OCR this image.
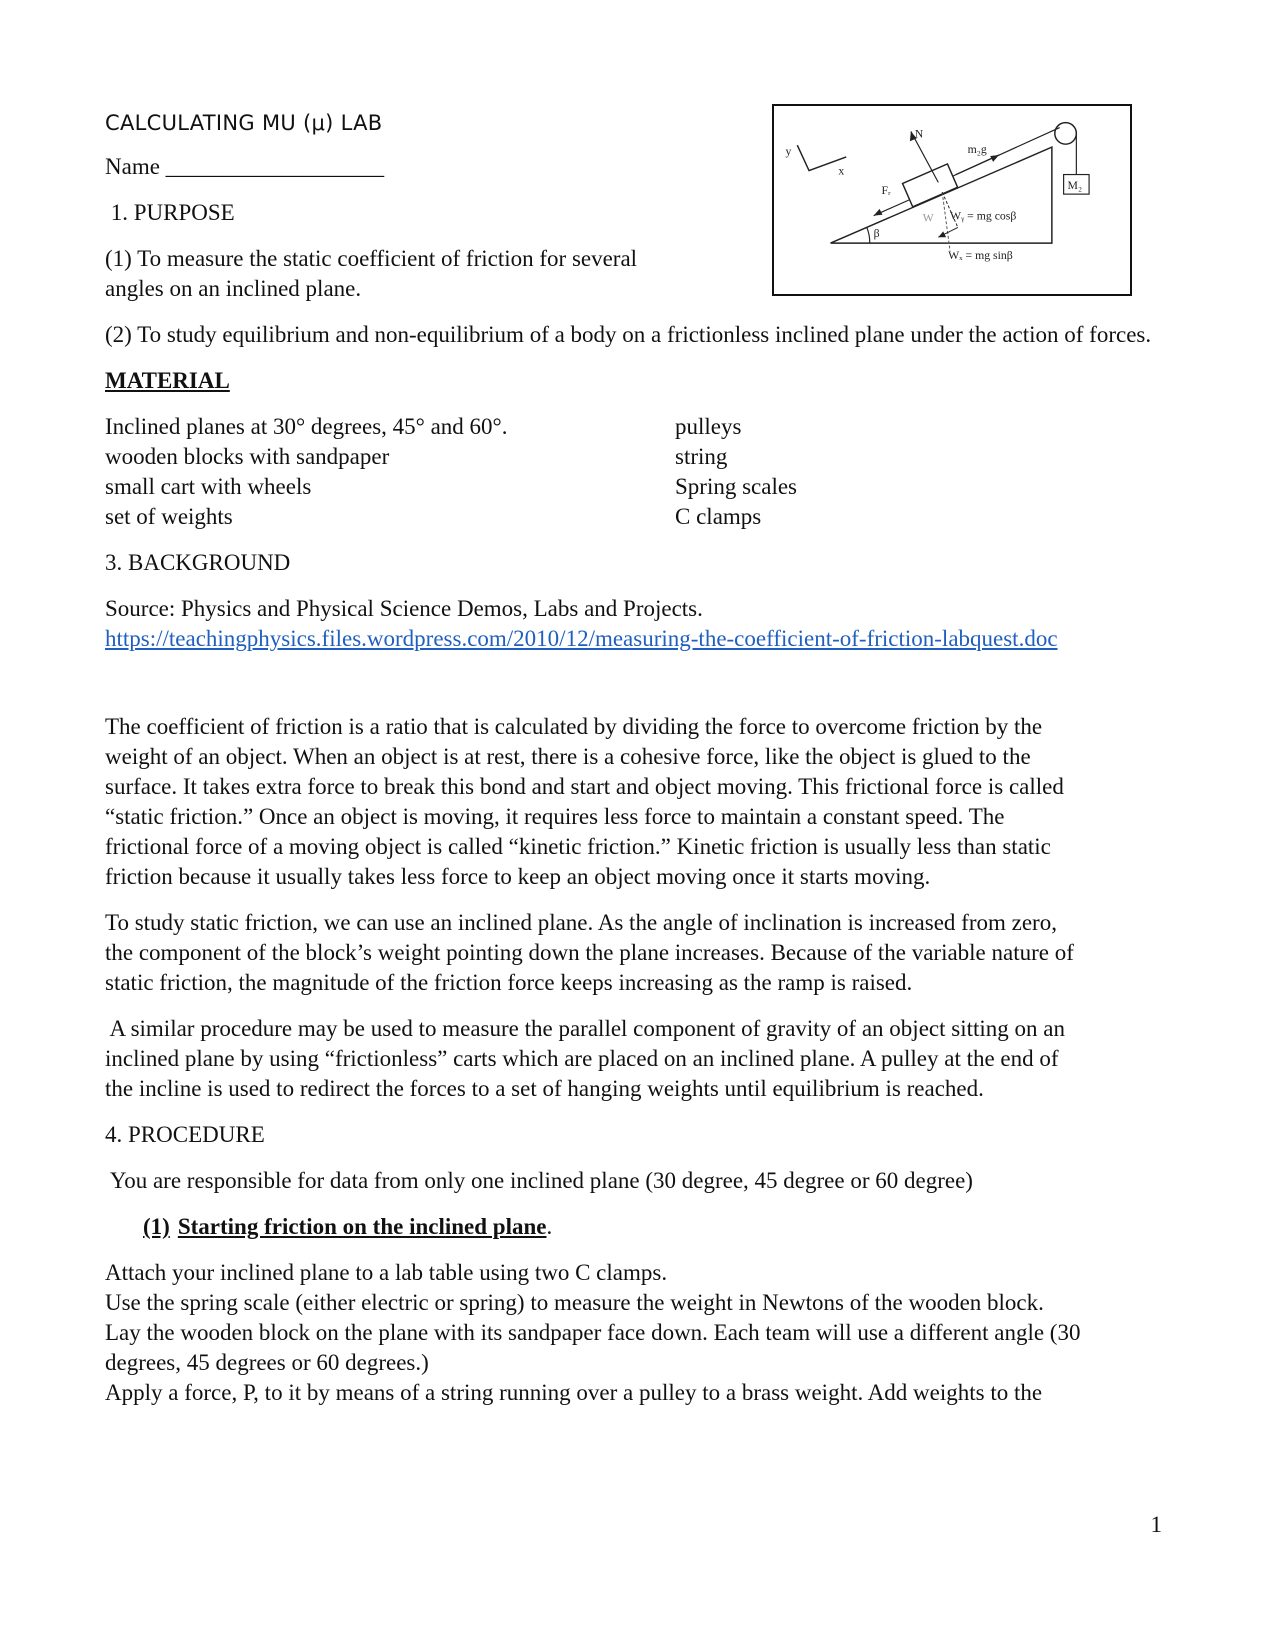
CALCULATING MU (μ) LAB
Name ___________________
1. PURPOSE
(1) To measure the static coefficient of friction for several angles on an inclined plane.
(2) To study equilibrium and non-equilibrium of a body on a frictionless inclined plane under the action of forces.
MATERIAL
Inclined planes at 30° degrees, 45° and 60°.
wooden blocks with sandpaper
small cart with wheels
set of weights
pulleys
string
Spring scales
C clamps
3. BACKGROUND
Source: Physics and Physical Science Demos, Labs and Projects.
https://teachingphysics.files.wordpress.com/2010/12/measuring-the-coefficient-of-friction-labquest.doc
The coefficient of friction is a ratio that is calculated by dividing the force to overcome friction by the
weight of an object. When an object is at rest, there is a cohesive force, like the object is glued to the
surface. It takes extra force to break this bond and start and object moving. This frictional force is called
“static friction.” Once an object is moving, it requires less force to maintain a constant speed. The
frictional force of a moving object is called “kinetic friction.” Kinetic friction is usually less than static
friction because it usually takes less force to keep an object moving once it starts moving.
To study static friction, we can use an inclined plane. As the angle of inclination is increased from zero,
the component of the block’s weight pointing down the plane increases. Because of the variable nature of
static friction, the magnitude of the friction force keeps increasing as the ramp is raised.
A similar procedure may be used to measure the parallel component of gravity of an object sitting on an
inclined plane by using “frictionless” carts which are placed on an inclined plane. A pulley at the end of
the incline is used to redirect the forces to a set of hanging weights until equilibrium is reached.
4. PROCEDURE
You are responsible for data from only one inclined plane (30 degree, 45 degree or 60 degree)
(1) Starting friction on the inclined plane.
Attach your inclined plane to a lab table using two C clamps.
Use the spring scale (either electric or spring) to measure the weight in Newtons of the wooden block.
Lay the wooden block on the plane with its sandpaper face down. Each team will use a different angle (30
degrees, 45 degrees or 60 degrees.)
Apply a force, P, to it by means of a string running over a pulley to a brass weight. Add weights to the
y
x
β
M₂
N
m₂g
Fᵣ
W Wᵧ = mg cosβ
Wₓ = mg sinβ
1
